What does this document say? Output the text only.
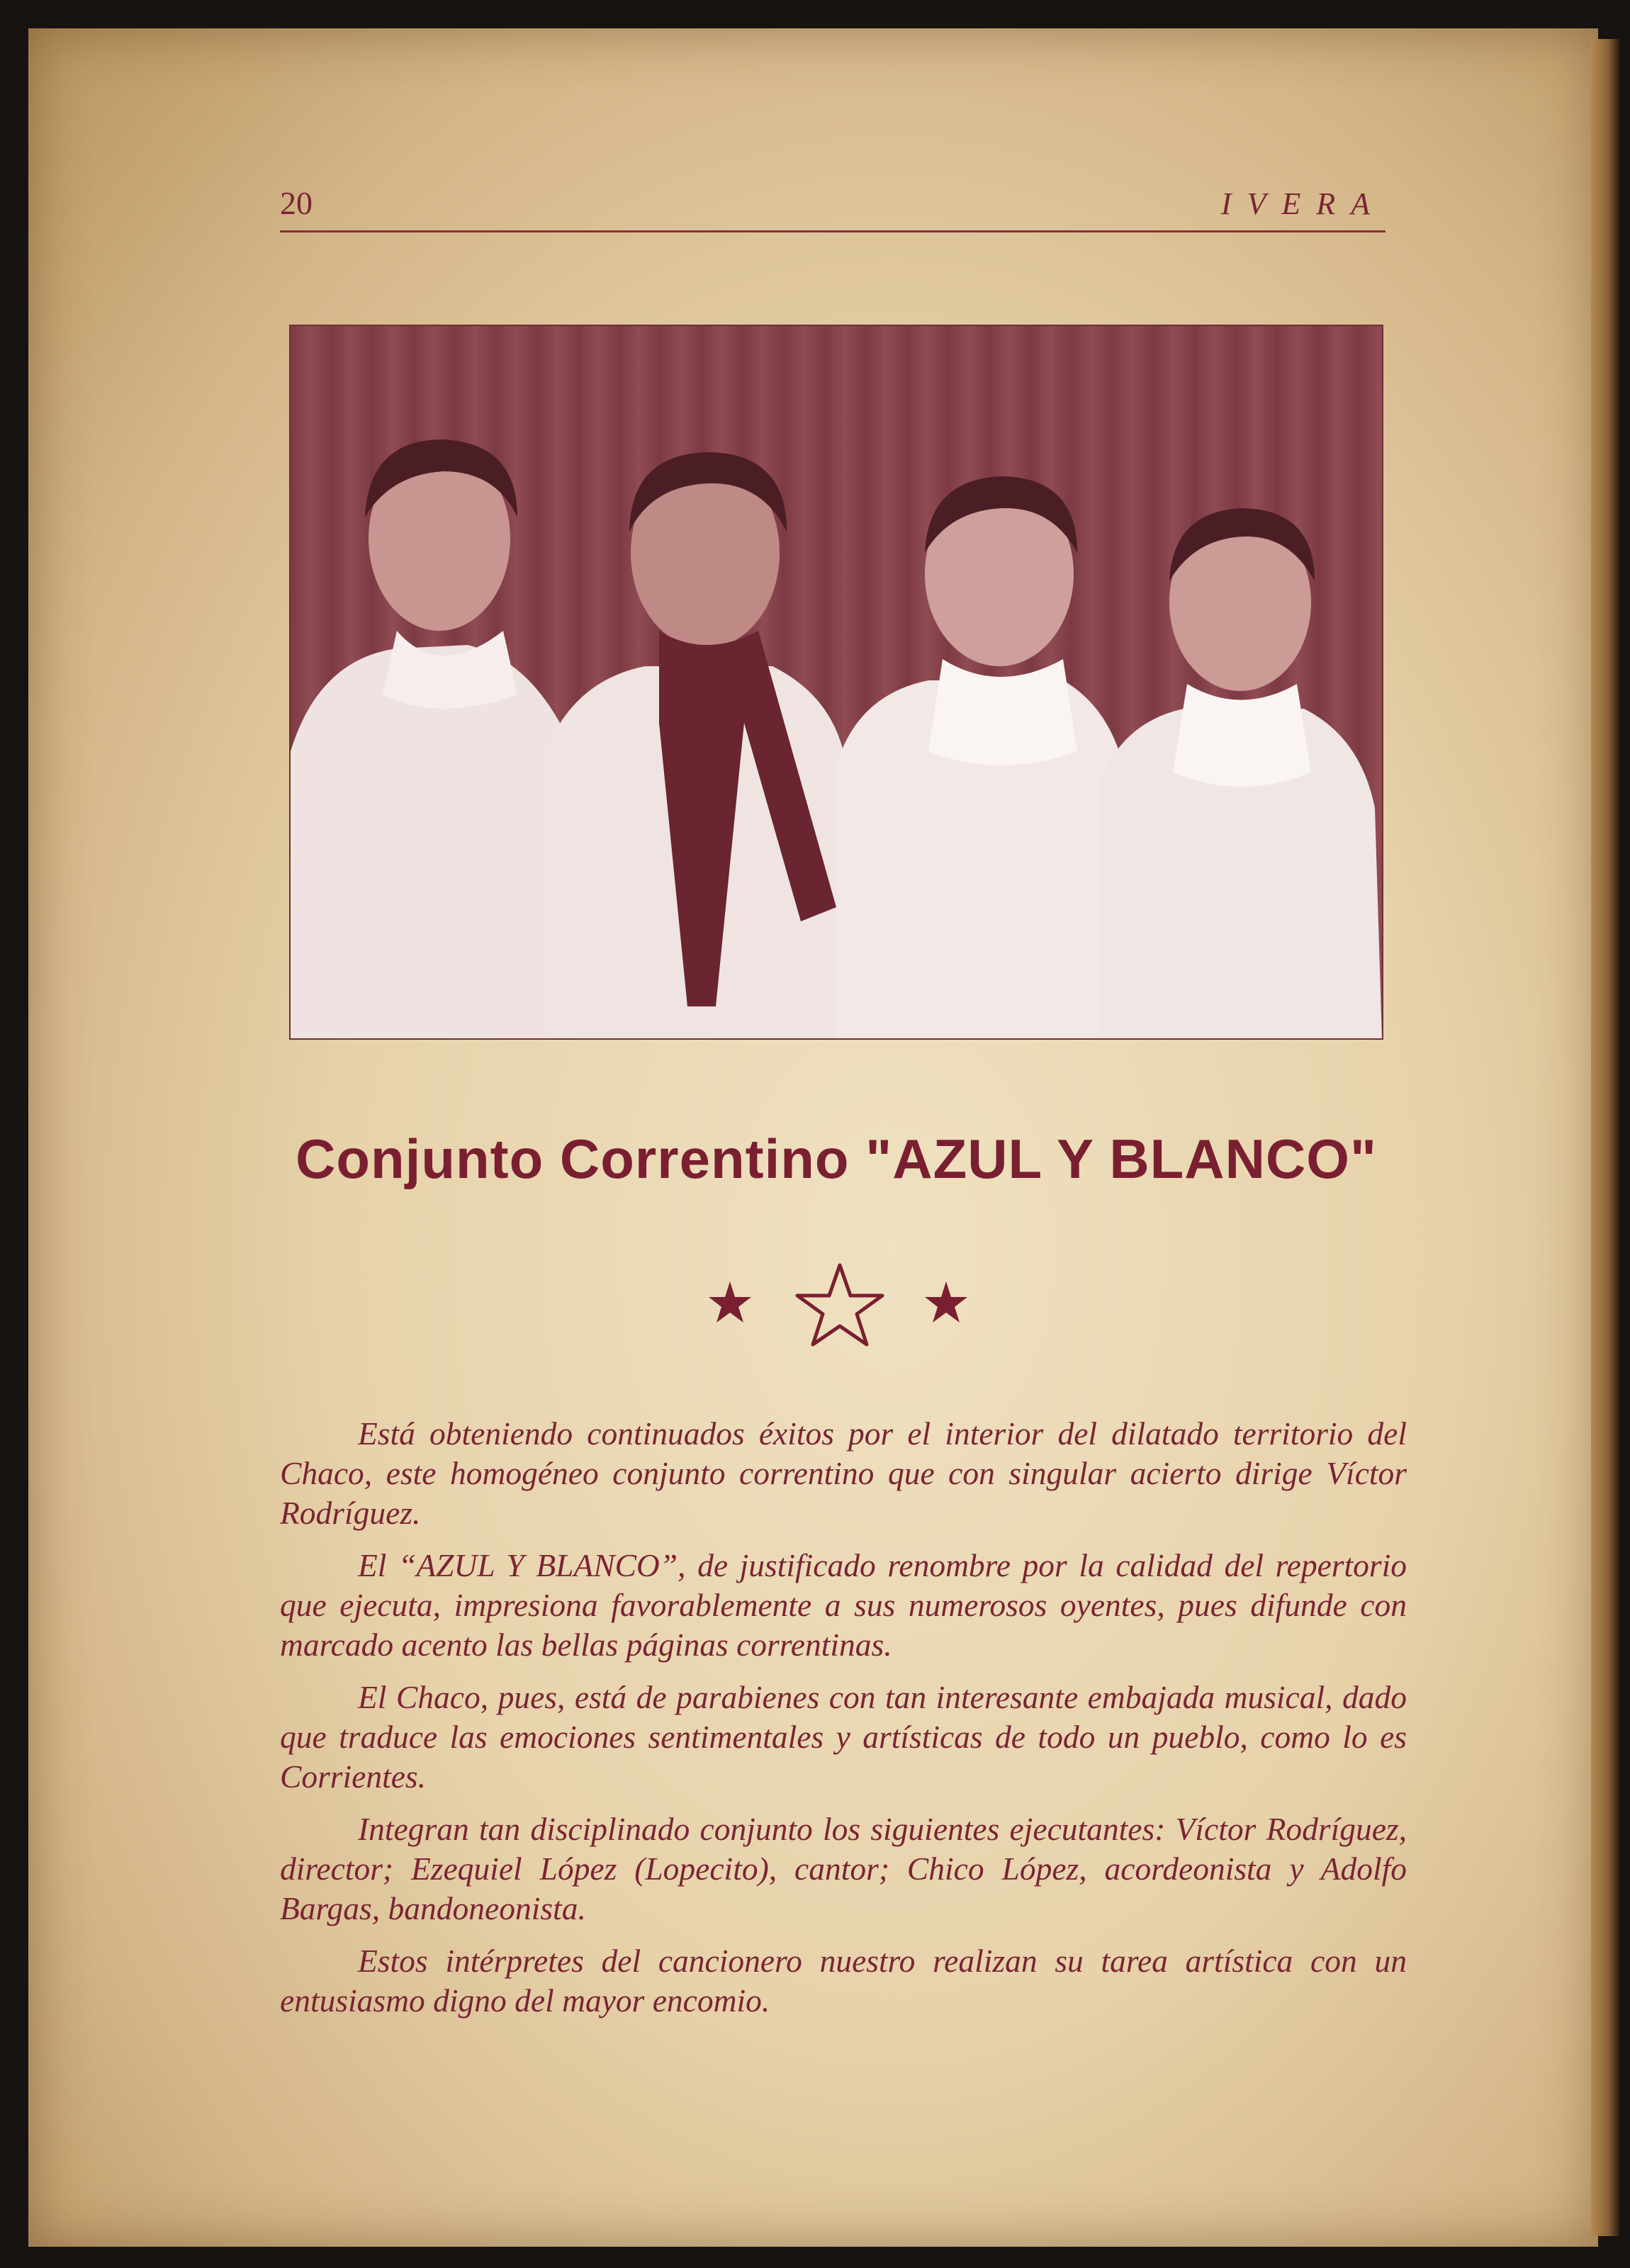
20	IVERA
Conjunto Correntino "AZUL Y BLANCO"

Está obteniendo continuados éxitos por el interior del dilatado territorio del Chaco, este homogéneo conjunto correntino que con singular acierto dirige Víctor Rodríguez.

El “AZUL Y BLANCO”, de justificado renombre por la calidad del repertorio que ejecuta, impresiona favorablemente a sus numerosos oyentes, pues difunde con marcado acento las bellas páginas correntinas.

El Chaco, pues, está de parabienes con tan interesante embajada musical, dado que traduce las emociones sentimentales y artísticas de todo un pueblo, como lo es Corrientes.

Integran tan disciplinado conjunto los siguientes ejecutantes: Víctor Rodríguez, director; Ezequiel López (Lopecito), cantor; Chico López, acordeonista y Adolfo Bargas, bandoneonista.

Estos intérpretes del cancionero nuestro realizan su tarea artística con un entusiasmo digno del mayor encomio.
